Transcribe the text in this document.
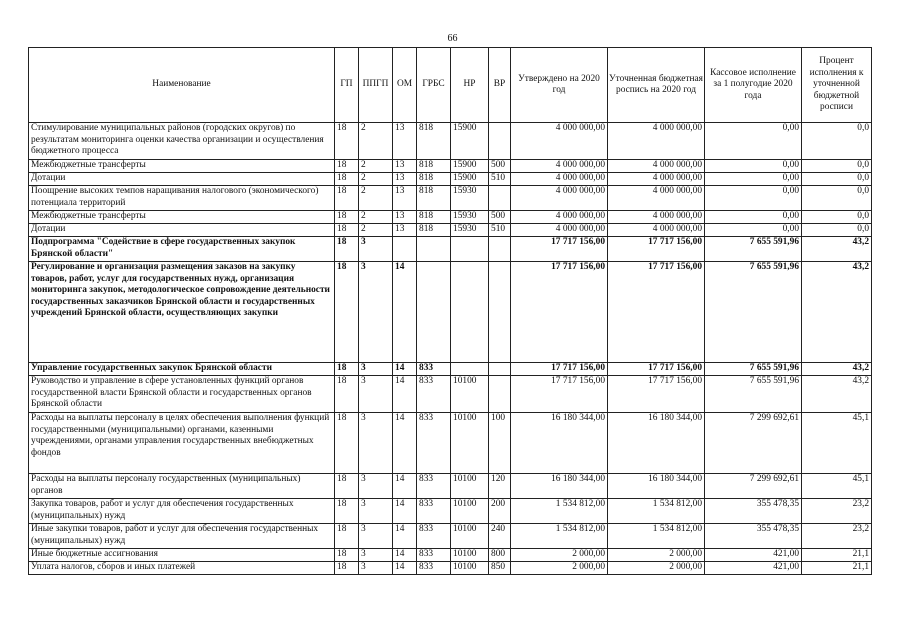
66
Наименование	ГП	ППГП	ОМ	ГРБС	НР	ВР	Утверждено на 2020 год	Уточненная бюджетная роспись на 2020 год	Кассовое исполнение за 1 полугодие 2020 года	Процент исполнения к уточненной бюджетной росписи
Стимулирование муниципальных районов (городских округов) по результатам мониторинга оценки качества организации и осуществления бюджетного процесса	18	2	13	818	15900		4 000 000,00	4 000 000,00	0,00	0,0
Межбюджетные трансферты	18	2	13	818	15900	500	4 000 000,00	4 000 000,00	0,00	0,0
Дотации	18	2	13	818	15900	510	4 000 000,00	4 000 000,00	0,00	0,0
Поощрение высоких темпов наращивания налогового (экономического) потенциала территорий	18	2	13	818	15930		4 000 000,00	4 000 000,00	0,00	0,0
Межбюджетные трансферты	18	2	13	818	15930	500	4 000 000,00	4 000 000,00	0,00	0,0
Дотации	18	2	13	818	15930	510	4 000 000,00	4 000 000,00	0,00	0,0
Подпрограмма "Содействие в сфере государственных закупок Брянской области"	18	3					17 717 156,00	17 717 156,00	7 655 591,96	43,2
Регулирование и организация размещения заказов на закупку товаров, работ, услуг для государственных нужд, организация мониторинга закупок, методологическое сопровождение деятельности государственных заказчиков Брянской области и государственных учреждений Брянской области, осуществляющих закупки	18	3	14				17 717 156,00	17 717 156,00	7 655 591,96	43,2
Управление государственных закупок Брянской области	18	3	14	833			17 717 156,00	17 717 156,00	7 655 591,96	43,2
Руководство и управление в сфере установленных функций органов государственной власти Брянской области и государственных органов Брянской области	18	3	14	833	10100		17 717 156,00	17 717 156,00	7 655 591,96	43,2
Расходы на выплаты персоналу в целях обеспечения выполнения функций государственными (муниципальными) органами, казенными учреждениями, органами управления государственных внебюджетных фондов	18	3	14	833	10100	100	16 180 344,00	16 180 344,00	7 299 692,61	45,1
Расходы на выплаты персоналу государственных (муниципальных) органов	18	3	14	833	10100	120	16 180 344,00	16 180 344,00	7 299 692,61	45,1
Закупка товаров, работ и услуг для обеспечения государственных (муниципальных) нужд	18	3	14	833	10100	200	1 534 812,00	1 534 812,00	355 478,35	23,2
Иные закупки товаров, работ и услуг для обеспечения государственных (муниципальных) нужд	18	3	14	833	10100	240	1 534 812,00	1 534 812,00	355 478,35	23,2
Иные бюджетные ассигнования	18	3	14	833	10100	800	2 000,00	2 000,00	421,00	21,1
Уплата налогов, сборов и иных платежей	18	3	14	833	10100	850	2 000,00	2 000,00	421,00	21,1
